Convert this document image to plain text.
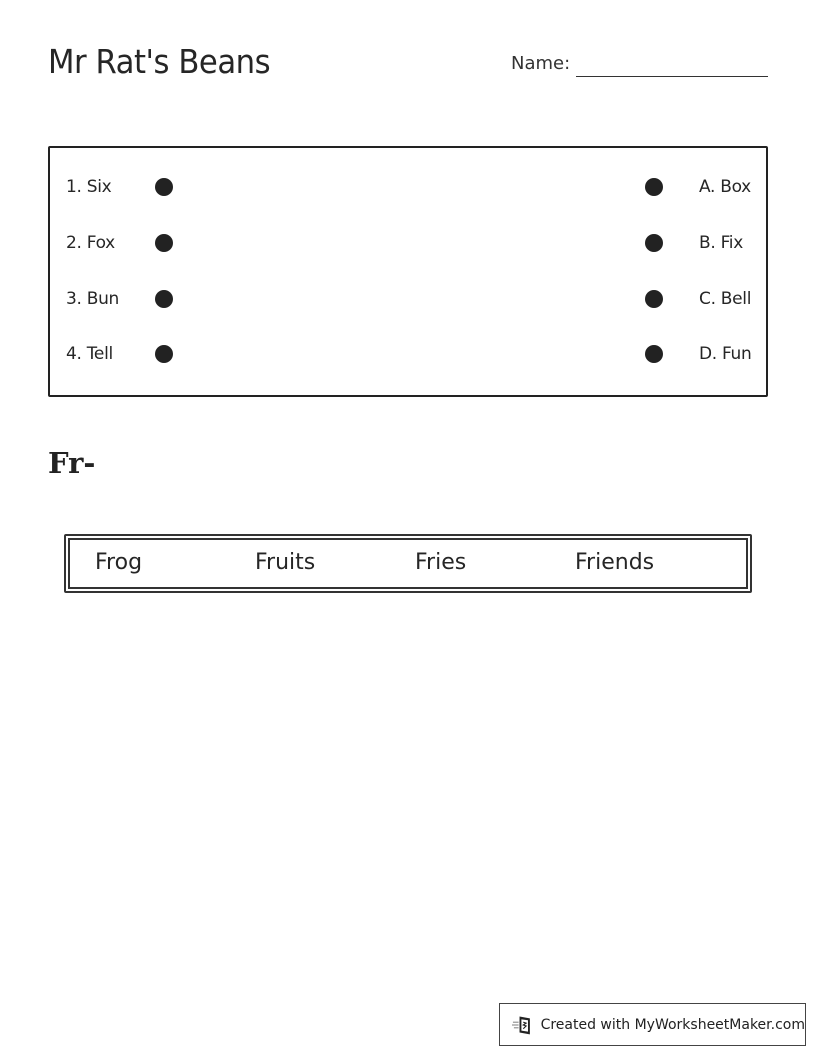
Mr Rat's Beans	Name:
1. Six	A. Box
2. Fox	B. Fix
3. Bun	C. Bell
4. Tell	D. Fun
Fr-
Frog	Fruits	Fries	Friends
Created with MyWorksheetMaker.com
